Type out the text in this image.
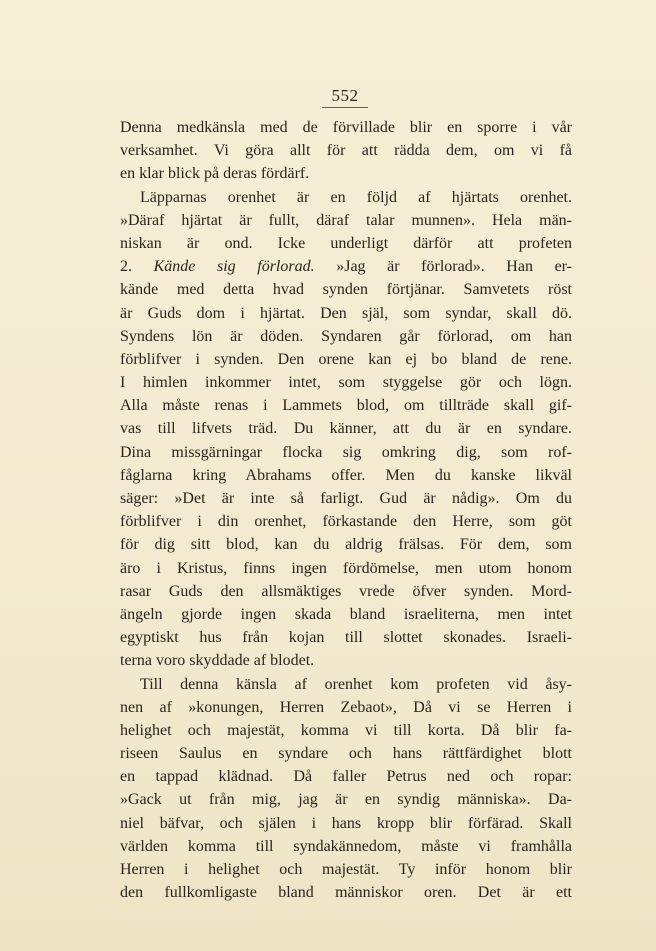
552
Denna medkänsla med de förvillade blir en sporre i vår
verksamhet. Vi göra allt för att rädda dem, om vi få
en klar blick på deras fördärf.
Läpparnas orenhet är en följd af hjärtats orenhet.
»Däraf hjärtat är fullt, däraf talar munnen». Hela män-
niskan är ond. Icke underligt därför att profeten
2. Kände sig förlorad. »Jag är förlorad». Han er-
kände med detta hvad synden förtjänar. Samvetets röst
är Guds dom i hjärtat. Den själ, som syndar, skall dö.
Syndens lön är döden. Syndaren går förlorad, om han
förblifver i synden. Den orene kan ej bo bland de rene.
I himlen inkommer intet, som styggelse gör och lögn.
Alla måste renas i Lammets blod, om tillträde skall gif-
vas till lifvets träd. Du känner, att du är en syndare.
Dina missgärningar flocka sig omkring dig, som rof-
fåglarna kring Abrahams offer. Men du kanske likväl
säger: »Det är inte så farligt. Gud är nådig». Om du
förblifver i din orenhet, förkastande den Herre, som göt
för dig sitt blod, kan du aldrig frälsas. För dem, som
äro i Kristus, finns ingen fördömelse, men utom honom
rasar Guds den allsmäktiges vrede öfver synden. Mord-
ängeln gjorde ingen skada bland israeliterna, men intet
egyptiskt hus från kojan till slottet skonades. Israeli-
terna voro skyddade af blodet.
Till denna känsla af orenhet kom profeten vid åsy-
nen af »konungen, Herren Zebaot», Då vi se Herren i
helighet och majestät, komma vi till korta. Då blir fa-
riseen Saulus en syndare och hans rättfärdighet blott
en tappad klädnad. Då faller Petrus ned och ropar:
»Gack ut från mig, jag är en syndig människa». Da-
niel bäfvar, och själen i hans kropp blir förfärad. Skall
världen komma till syndakännedom, måste vi framhålla
Herren i helighet och majestät. Ty inför honom blir
den fullkomligaste bland människor oren. Det är ett
